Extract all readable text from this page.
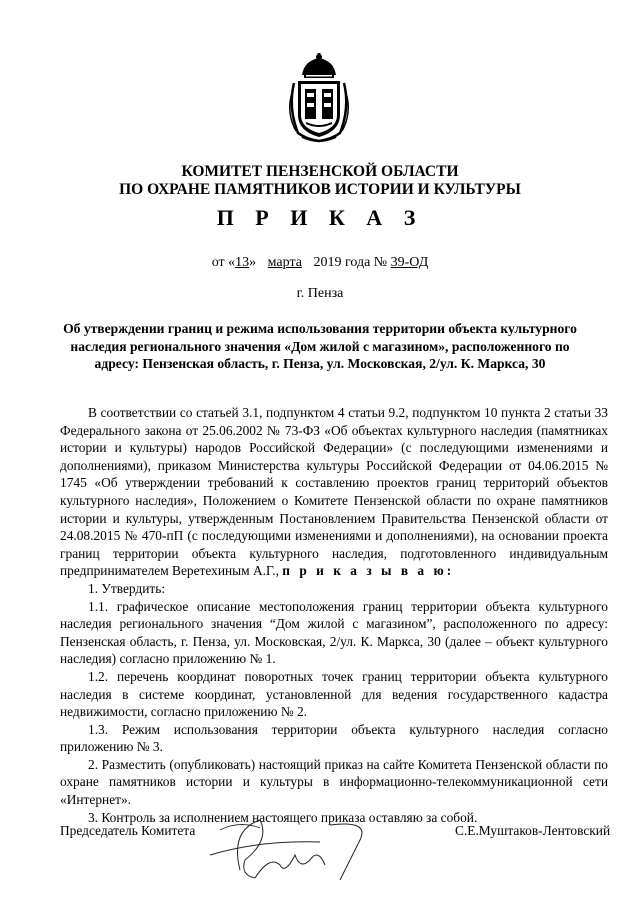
КОМИТЕТ ПЕНЗЕНСКОЙ ОБЛАСТИ
ПО ОХРАНЕ ПАМЯТНИКОВ ИСТОРИИ И КУЛЬТУРЫ
П Р И К А З
от «13» марта 2019 года № 39-ОД
г. Пенза
Об утверждении границ и режима использования территории объекта культурного наследия регионального значения «Дом жилой с магазином», расположенного по адресу: Пензенская область, г. Пенза, ул. Московская, 2/ул. К. Маркса, 30

В соответствии со статьей 3.1, подпунктом 4 статьи 9.2, подпунктом 10 пункта 2 статьи 33 Федерального закона от 25.06.2002 № 73-ФЗ «Об объектах культурного наследия (памятниках истории и культуры) народов Российской Федерации» (с последующими изменениями и дополнениями), приказом Министерства культуры Российской Федерации от 04.06.2015 № 1745 «Об утверждении требований к составлению проектов границ территорий объектов культурного наследия», Положением о Комитете Пензенской области по охране памятников истории и культуры, утвержденным Постановлением Правительства Пензенской области от 24.08.2015 № 470-пП (с последующими изменениями и дополнениями), на основании проекта границ территории объекта культурного наследия, подготовленного индивидуальным предпринимателем Веретехиным А.Г., п р и к а з ы в а ю:

1. Утвердить:

1.1. графическое описание местоположения границ территории объекта культурного наследия регионального значения “Дом жилой с магазином”, расположенного по адресу: Пензенская область, г. Пенза, ул. Московская, 2/ул. К. Маркса, 30 (далее – объект культурного наследия) согласно приложению № 1.

1.2. перечень координат поворотных точек границ территории объекта культурного наследия в системе координат, установленной для ведения государственного кадастра недвижимости, согласно приложению № 2.

1.3. Режим использования территории объекта культурного наследия согласно приложению № 3.

2. Разместить (опубликовать) настоящий приказ на сайте Комитета Пензенской области по охране памятников истории и культуры в информационно-телекоммуникационной сети «Интернет».

3. Контроль за исполнением настоящего приказа оставляю за собой.

Председатель Комитета	С.Е.Муштаков-Лентовский
